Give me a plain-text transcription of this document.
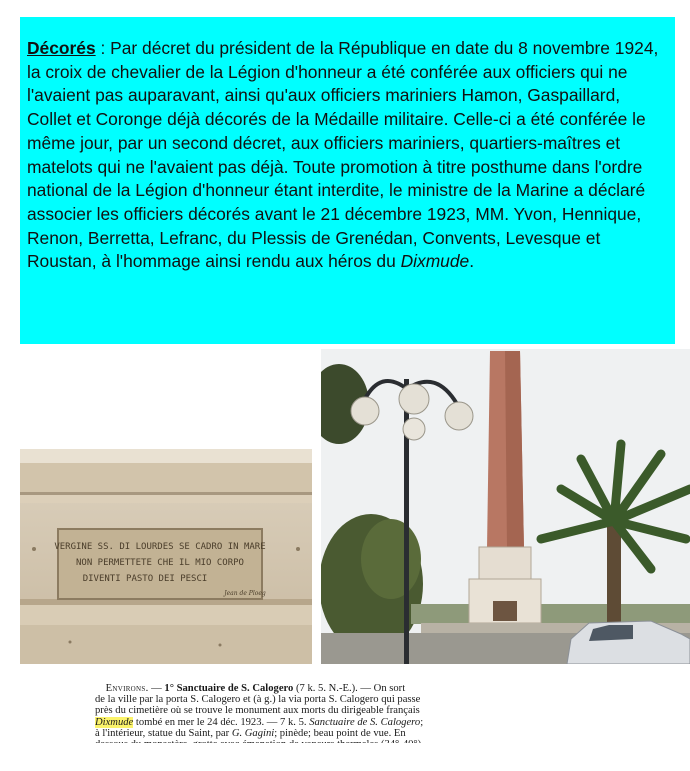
Décorés : Par décret du président de la République en date du 8 novembre 1924, la croix de chevalier de la Légion d'honneur a été conférée aux officiers qui ne l'avaient pas auparavant, ainsi qu'aux officiers mariniers Hamon, Gaspaillard, Collet et Coronge déjà décorés de la Médaille militaire. Celle-ci a été conférée le même jour, par un second décret, aux officiers mariniers, quartiers-maîtres et matelots qui ne l'avaient pas déjà. Toute promotion à titre posthume dans l'ordre national de la Légion d'honneur étant interdite, le ministre de la Marine a déclaré associer les officiers décorés avant le 21 décembre 1923, MM. Yvon, Hennique, Renon, Berretta, Lefranc, du Plessis de Grenédan, Convents, Levesque et Roustan, à l'hommage ainsi rendu aux héros du Dixmude.
VERGINE SS. DI LOURDES SE CADRO IN MARE
NON PERMETTETE CHE IL MIO CORPO
DIVENTI PASTO DEI PESCI
Jean de Ploeg
 Environs. — 1° Sanctuaire de S. Calogero (7 k. 5. N.-E.). — On sort
de la ville par la porta S. Calogero et (à g.) la via porta S. Calogero qui passe
près du cimetière où se trouve le monument aux morts du dirigeable français
Dixmude tombé en mer le 24 déc. 1923. — 7 k. 5. Sanctuaire de S. Calogero;
à l'intérieur, statue du Saint, par G. Gagini; pinède; beau point de vue. En
